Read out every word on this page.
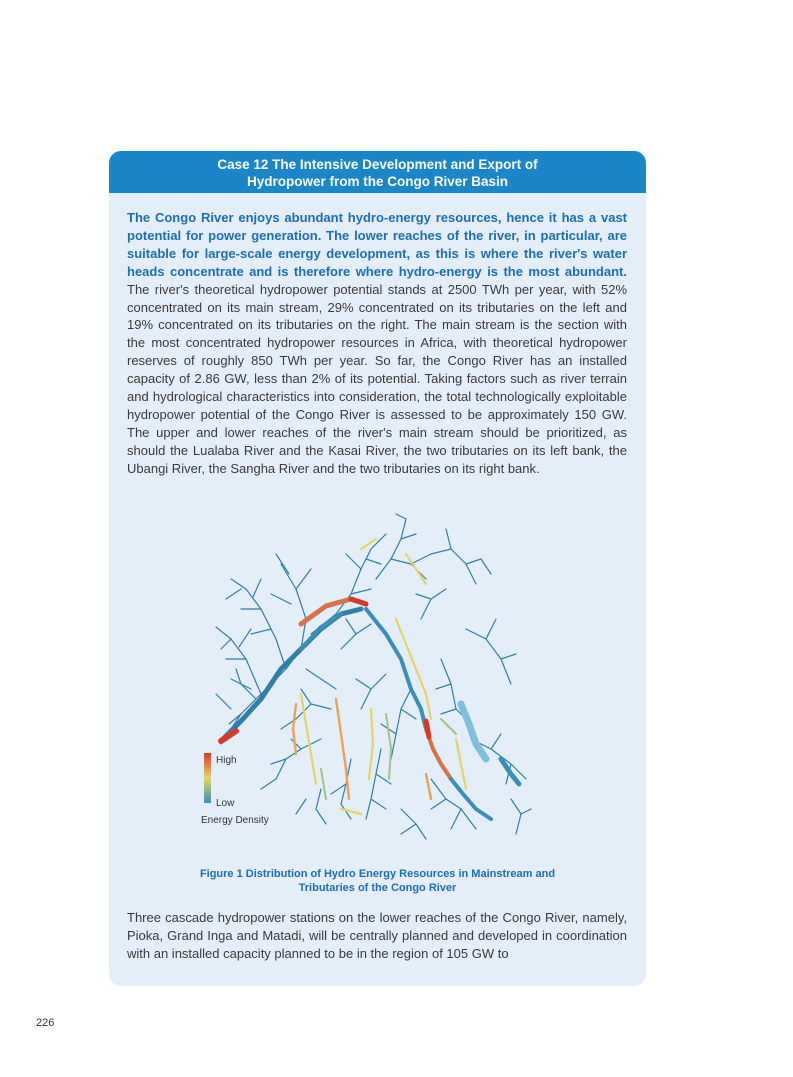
Case 12 The Intensive Development and Export of
Hydropower from the Congo River Basin
The Congo River enjoys abundant hydro-energy resources, hence it has a vast potential for power generation. The lower reaches of the river, in particular, are suitable for large-scale energy development, as this is where the river's water heads concentrate and is therefore where hydro-energy is the most abundant. The river's theoretical hydropower potential stands at 2500 TWh per year, with 52% concentrated on its main stream, 29% concentrated on its tributaries on the left and 19% concentrated on its tributaries on the right. The main stream is the section with the most concentrated hydropower resources in Africa, with theoretical hydropower reserves of roughly 850 TWh per year. So far, the Congo River has an installed capacity of 2.86 GW, less than 2% of its potential. Taking factors such as river terrain and hydrological characteristics into consideration, the total technologically exploitable hydropower potential of the Congo River is assessed to be approximately 150 GW. The upper and lower reaches of the river's main stream should be prioritized, as should the Lualaba River and the Kasai River, the two tributaries on its left bank, the Ubangi River, the Sangha River and the two tributaries on its right bank.
High
Low
Energy Density
Figure 1 Distribution of Hydro Energy Resources in Mainstream and
Tributaries of the Congo River
Three cascade hydropower stations on the lower reaches of the Congo River, namely, Pioka, Grand Inga and Matadi, will be centrally planned and developed in coordination with an installed capacity planned to be in the region of 105 GW to
226
